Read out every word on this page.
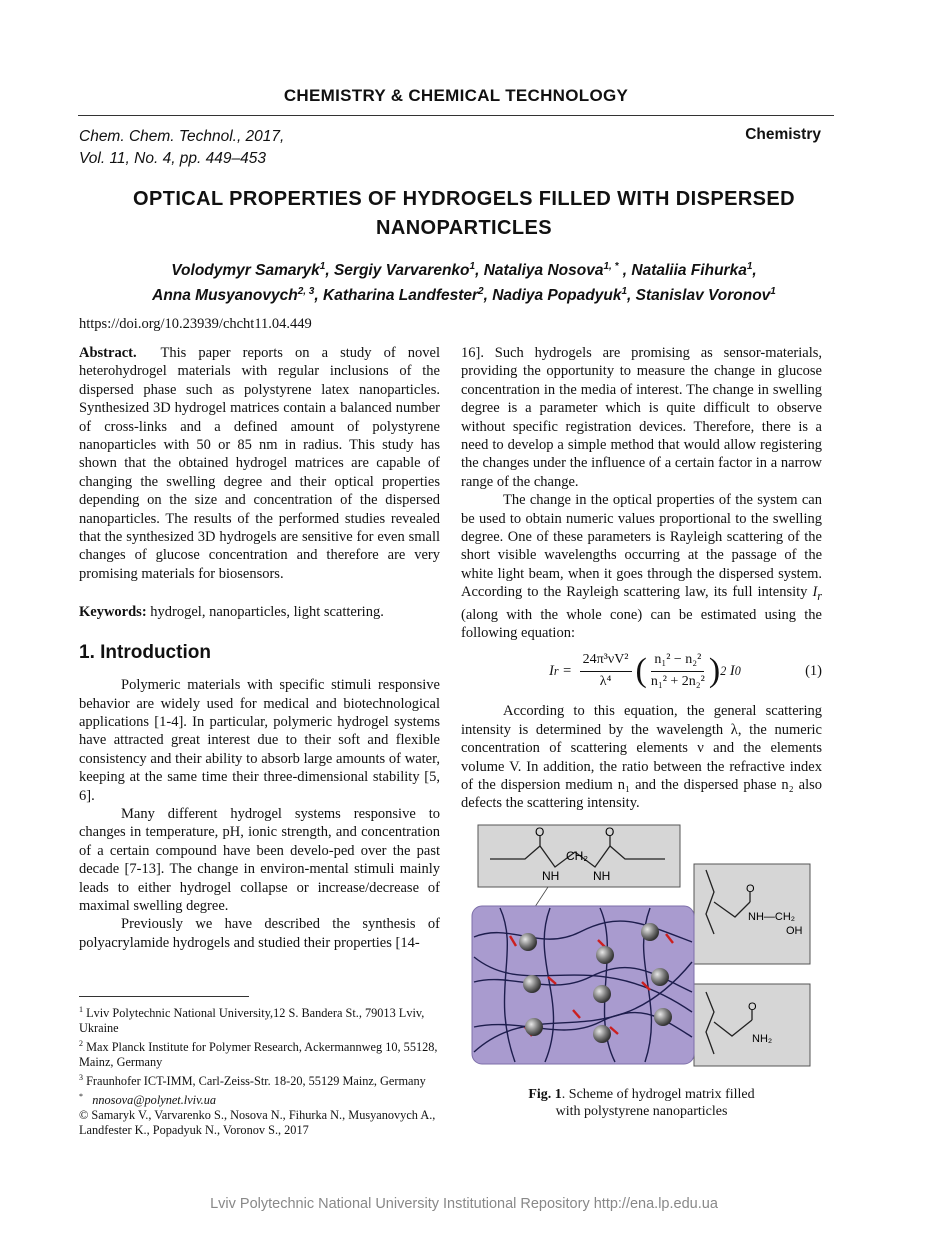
CHEMISTRY & CHEMICAL TECHNOLOGY
Chem. Chem. Technol., 2017,
Vol. 11, No. 4, pp. 449–453
Chemistry
OPTICAL PROPERTIES OF HYDROGELS FILLED WITH DISPERSED
NANOPARTICLES
Volodymyr Samaryk$^1$, Sergiy Varvarenko$^1$, Nataliya Nosova$^{1, *}$ , Nataliia Fihurka$^1$,
Anna Musyanovych$^{2, 3}$, Katharina Landfester$^2$, Nadiya Popadyuk$^1$, Stanislav Voronov$^1$
https://doi.org/10.23939/chcht11.04.449

Abstract. This paper reports on a study of novel heterohydrogel materials with regular inclusions of the dispersed phase such as polystyrene latex nanoparticles. Synthesized 3D hydrogel matrices contain a balanced number of cross-links and a defined amount of polystyrene nanoparticles with 50 or 85 nm in radius. This study has shown that the obtained hydrogel matrices are capable of changing the swelling degree and their optical properties depending on the size and concentration of the dispersed nanoparticles. The results of the performed studies revealed that the synthesized 3D hydrogels are sensitive for even small changes of glucose concentration and therefore are very promising materials for biosensors.

Keywords: hydrogel, nanoparticles, light scattering.

1. Introduction

Polymeric materials with specific stimuli responsive behavior are widely used for medical and biotechnological applications [1-4]. In particular, polymeric hydrogel systems have attracted great interest due to their soft and flexible consistency and their ability to absorb large amounts of water, keeping at the same time their three-dimensional stability [5, 6].

Many different hydrogel systems responsive to changes in temperature, pH, ionic strength, and concentration of a certain compound have been develo-ped over the past decade [7-13]. The change in environ-mental stimuli mainly leads to either hydrogel collapse or increase/decrease of maximal swelling degree.

Previously we have described the synthesis of polyacrylamide hydrogels and studied their properties [14-

16]. Such hydrogels are promising as sensor-materials, providing the opportunity to measure the change in glucose concentration in the media of interest. The change in swelling degree is a parameter which is quite difficult to observe without specific registration devices. Therefore, there is a need to develop a simple method that would allow registering the changes under the influence of a certain factor in a narrow range of the change.

The change in the optical properties of the system can be used to obtain numeric values proportional to the swelling degree. One of these parameters is Rayleigh scattering of the short visible wavelengths occurring at the passage of the white light beam, when it goes through the dispersed system. According to the Rayleigh scattering law, its full intensity $I_r$ (along with the whole cone) can be estimated using the following equation:

I $r = \frac{\text{24π³νV²}}{\text{λ⁴}}$ ( $\frac{\text{n₁² − n₂²}}{\text{n₁² + 2n₂²}}$ ) 2
I 0	(1)

According to this equation, the general scattering intensity is determined by the wavelength λ, the numeric concentration of scattering elements ν and the elements volume V. In addition, the ratio between the refractive index of the dispersion medium n₁ and the dispersed phase n₂ also defects the scattering intensity.

O	O
CH₂
NH	NH
O
NH—CH₂
OH
O
NH₂
Fig. 1. Scheme of hydrogel matrix filled
with polystyrene nanoparticles

$^1$ Lviv Polytechnic National University,12 S. Bandera St., 79013 Lviv, Ukraine

$^2$ Max Planck Institute for Polymer Research, Ackermannweg 10, 55128, Mainz, Germany

$^3$ Fraunhofer ICT-IMM, Carl-Zeiss-Str. 18-20, 55129 Mainz, Germany

* nnosova@polynet.lviv.ua

© Samaryk V., Varvarenko S., Nosova N., Fihurka N., Musyanovych A., Landfester K., Popadyuk N., Voronov S., 2017

Lviv Polytechnic National University Institutional Repository http://ena.lp.edu.ua
